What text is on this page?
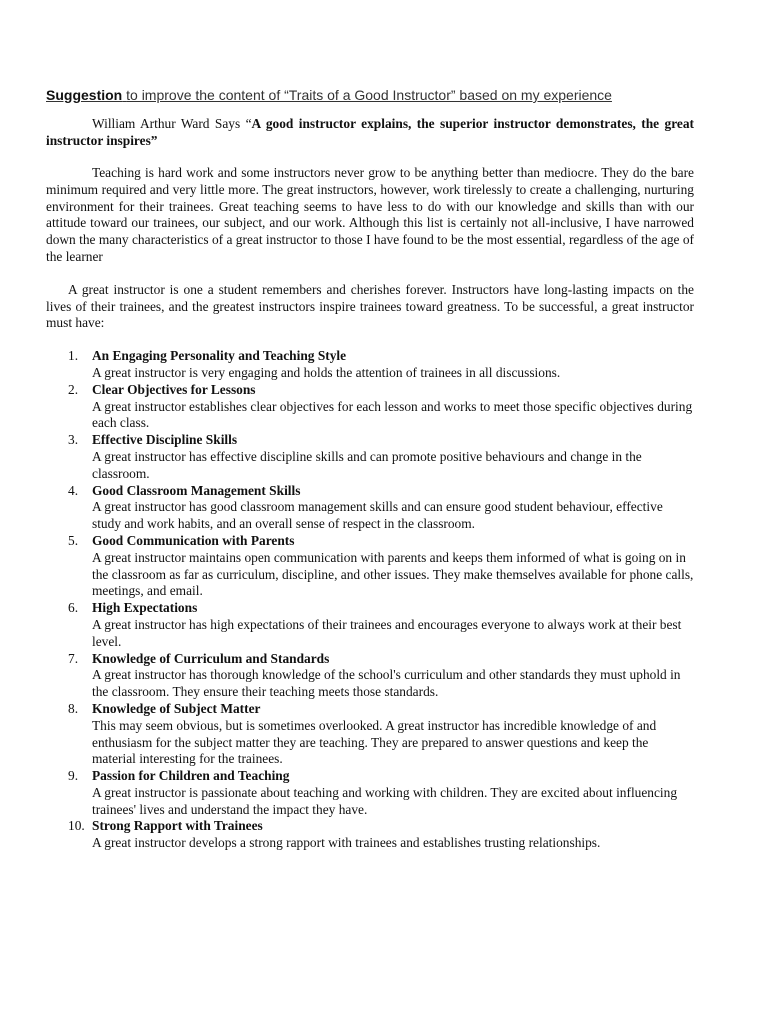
Suggestion to improve the content of “Traits of a Good Instructor” based on my experience

William Arthur Ward Says “A good instructor explains, the superior instructor demonstrates, the great instructor inspires”

Teaching is hard work and some instructors never grow to be anything better than mediocre. They do the bare minimum required and very little more. The great instructors, however, work tirelessly to create a challenging, nurturing environment for their trainees. Great teaching seems to have less to do with our knowledge and skills than with our attitude toward our trainees, our subject, and our work. Although this list is certainly not all-inclusive, I have narrowed down the many characteristics of a great instructor to those I have found to be the most essential, regardless of the age of the learner

A great instructor is one a student remembers and cherishes forever. Instructors have long-lasting impacts on the lives of their trainees, and the greatest instructors inspire trainees toward greatness. To be successful, a great instructor must have:

1. An Engaging Personality and Teaching Style
A great instructor is very engaging and holds the attention of trainees in all discussions.
2. Clear Objectives for Lessons
A great instructor establishes clear objectives for each lesson and works to meet those specific objectives during each class.
3. Effective Discipline Skills
A great instructor has effective discipline skills and can promote positive behaviours and change in the classroom.
4. Good Classroom Management Skills
A great instructor has good classroom management skills and can ensure good student behaviour, effective study and work habits, and an overall sense of respect in the classroom.
5. Good Communication with Parents
A great instructor maintains open communication with parents and keeps them informed of what is going on in the classroom as far as curriculum, discipline, and other issues. They make themselves available for phone calls, meetings, and email.
6. High Expectations
A great instructor has high expectations of their trainees and encourages everyone to always work at their best level.
7. Knowledge of Curriculum and Standards
A great instructor has thorough knowledge of the school's curriculum and other standards they must uphold in the classroom. They ensure their teaching meets those standards.
8. Knowledge of Subject Matter
This may seem obvious, but is sometimes overlooked. A great instructor has incredible knowledge of and enthusiasm for the subject matter they are teaching. They are prepared to answer questions and keep the material interesting for the trainees.
9. Passion for Children and Teaching
A great instructor is passionate about teaching and working with children. They are excited about influencing trainees' lives and understand the impact they have.
10. Strong Rapport with Trainees
A great instructor develops a strong rapport with trainees and establishes trusting relationships.
